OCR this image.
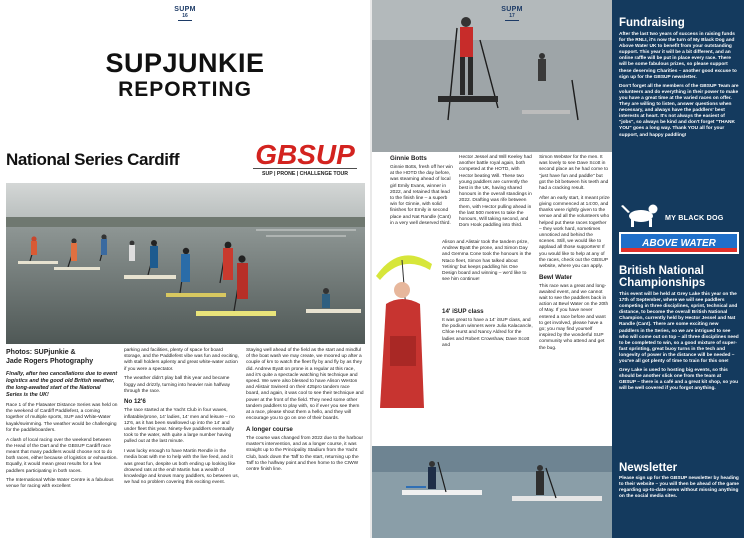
SUPM
16
SUPJUNKIE
REPORTING
National Series Cardiff	GBSUP
SUP | PRONE | CHALLENGE TOUR
Photos: SUPjunkie &
Jade Rogers Photography

Finally, after two cancellations due to event logistics and the good old British weather, the long-awaited start of the National Series is the UK!

Race 1 of the Flatwater Distance Series was held on the weekend of Cardiff Paddlefest, a coming together of multiple sports, SUP and White-Water kayak/swimming. The weather would be challenging for the paddleboarders.

A clash of local racing over the weekend between the Head of the Dart and the GBSUP Cardiff race meant that many paddlers would choose not to do both races, either because of logistics or exhaustion. Equally, it would mean great results for a few paddlers participating in both races.

The International White Water Centre is a fabulous venue for racing with excellent

parking and facilities, plenty of space for board storage, and the Paddlefest vibe was fun and exciting, with stall holders aplenty and great white-water action if you were a spectator.

The weather didn't play ball this year and became foggy and drizzly, turning into heavier rain halfway through the race.

No 12'6

The race started at the Yacht Club in four waves, inflatable/prone, 14' ladies, 14' men and leisure – no 12'6, as it has been swallowed up into the 14' and under fleet this year. Ninety-five paddlers eventually took to the water, with quite a large number having pulled out at the last minute.

I was lucky enough to have Martin Rendle in the media boat with me to help with the live feed, and it was great fun, despite us both ending up looking like drowned rats at the end! Martin has a wealth of knowledge and knows many paddlers, so between us, we had no problem covering this exciting event.

Staying well ahead of the field as the start and mindful of the boat wash we may create, we moored up after a couple of km to watch the fleet fly by and fly by as they did. Andrew Byatt on prone is a regular at this race, and it's quite a spectacle watching his technique and speed. We were also blessed to have Alison Weston and Alistair Swinerd on their 425pro tandem race board, and again, it was cool to see their technique and power at the front of the field. They need some other tandem paddlers to play with, so if ever you see them at a race, please shout them a hello, and they will encourage you to go on one of their boards.

A longer course

The course was changed from 2022 due to the harbour master's intervention, and as a longer course, it was straight up to the Principality Stadium from the Yacht Club, back down the Taff to the start, returning up the Taff to the halfway point and then home to the CIWW centre finish line.

SUPM
17
Ginnie Botts

Ginnie Botts, fresh off her win at the HOTD the day before, was steaming ahead of local girl Emily Evans, winner in 2022, and retained that lead to the finish line – a superb win for Ginnie, with solid finishes for Emily in second place and Nat Randle (Cant) in a very well deserved third.

Hector Jessel and Will Keeley had another battle royal again, both competed at the HOTD, with Hector beating Will. These two young paddlers are currently the best in the UK, having shared honours in the overall standings in 2022. Drafting was rife between them, with Hector pulling ahead in the last 500 metres to take the honours, Will taking second, and Dom Hook paddling into third.

Alison and Alistair took the tandem prize, Andrew Byatt the prone, and Simon Day and Gemma Cone took the honours in the Ntaco fleet, Simon has talked about 'retiring' but keeps paddling his One Design board and winning – we'd like to see him continue!

14' iSUP class

It was great to have a 14' iSUP class, and the podium winners were Julia Kalacancle, Chloe Hurst and Nancy Aldred for the ladies and Robert Crowshaw, Dave Scott and

Simon Webster for the men. It was lovely to see Dave Scott in second place as he had come to "just have fun and paddle" but got the bit between his teeth and had a cracking result.

After an early start, it meant prize giving commenced at 14:00, and thanks were rightly given to the venue and all the volunteers who helped put these races together – they work hard, sometimes unnoticed and behind the scenes. Still, we would like to applaud all those supporters! If you would like to help at any of the races, check out the GBSUP website, where you can apply.

Bewl Water

This race was a great and long-awaited event, and we cannot wait to see the paddlers back in action at Bewl Water on the 20th of May. If you have never entered a race before and want to get involved, please have a go; you may find yourself inspired by the wonderful SUP community who attend and get the bug.

Fundraising

After the last two years of success in raising funds for the RNLI, it's now the turn of My Black Dog and Above Water UK to benefit from your outstanding support. This year it will be a bit different, and an online raffle will be put in place every race. There will be some fabulous prizes, so please support these deserving Charities – another good excuse to sign up for the GBSUP newsletter.

Don't forget all the members of the GBSUP Team are volunteers and do everything in their power to make you have a great time at the varied races on offer. They are willing to listen, answer questions when necessary, and always have the paddlers' best interests at heart. It's not always the easiest of "jobs", so always be kind and don't forget "THANK YOU" goes a long way. Thank YOU all for your support, and happy paddling!

MY BLACK DOG
ABOVE WATER
British National Championships

This event will be held at Grey Lake this year on the 17th of September, where we will see paddlers competing in three disciplines, sprint, technical and distance, to become the overall British National Champion, currently held by Hector Jessel and Nat Randle (Cant). There are some exciting new paddlers in the Series, so we are intrigued to see who will come out on top – all three disciplines need to be completed to win, so a good mixture of super-fast sprinting, great buoy turns in the tech and longevity of power in the distance will be needed – you've all got plenty of time to train for this one!

Grey Lake is used to hosting big events, so this should be another slick one from the team at GBSUP – there is a café and a great kit shop, so you will be well covered if you forgot anything.

Newsletter

Please sign up for the GBSUP newsletter by heading to their website – you will then be ahead of the game regarding up-to-date news without missing anything on the social media sites.
